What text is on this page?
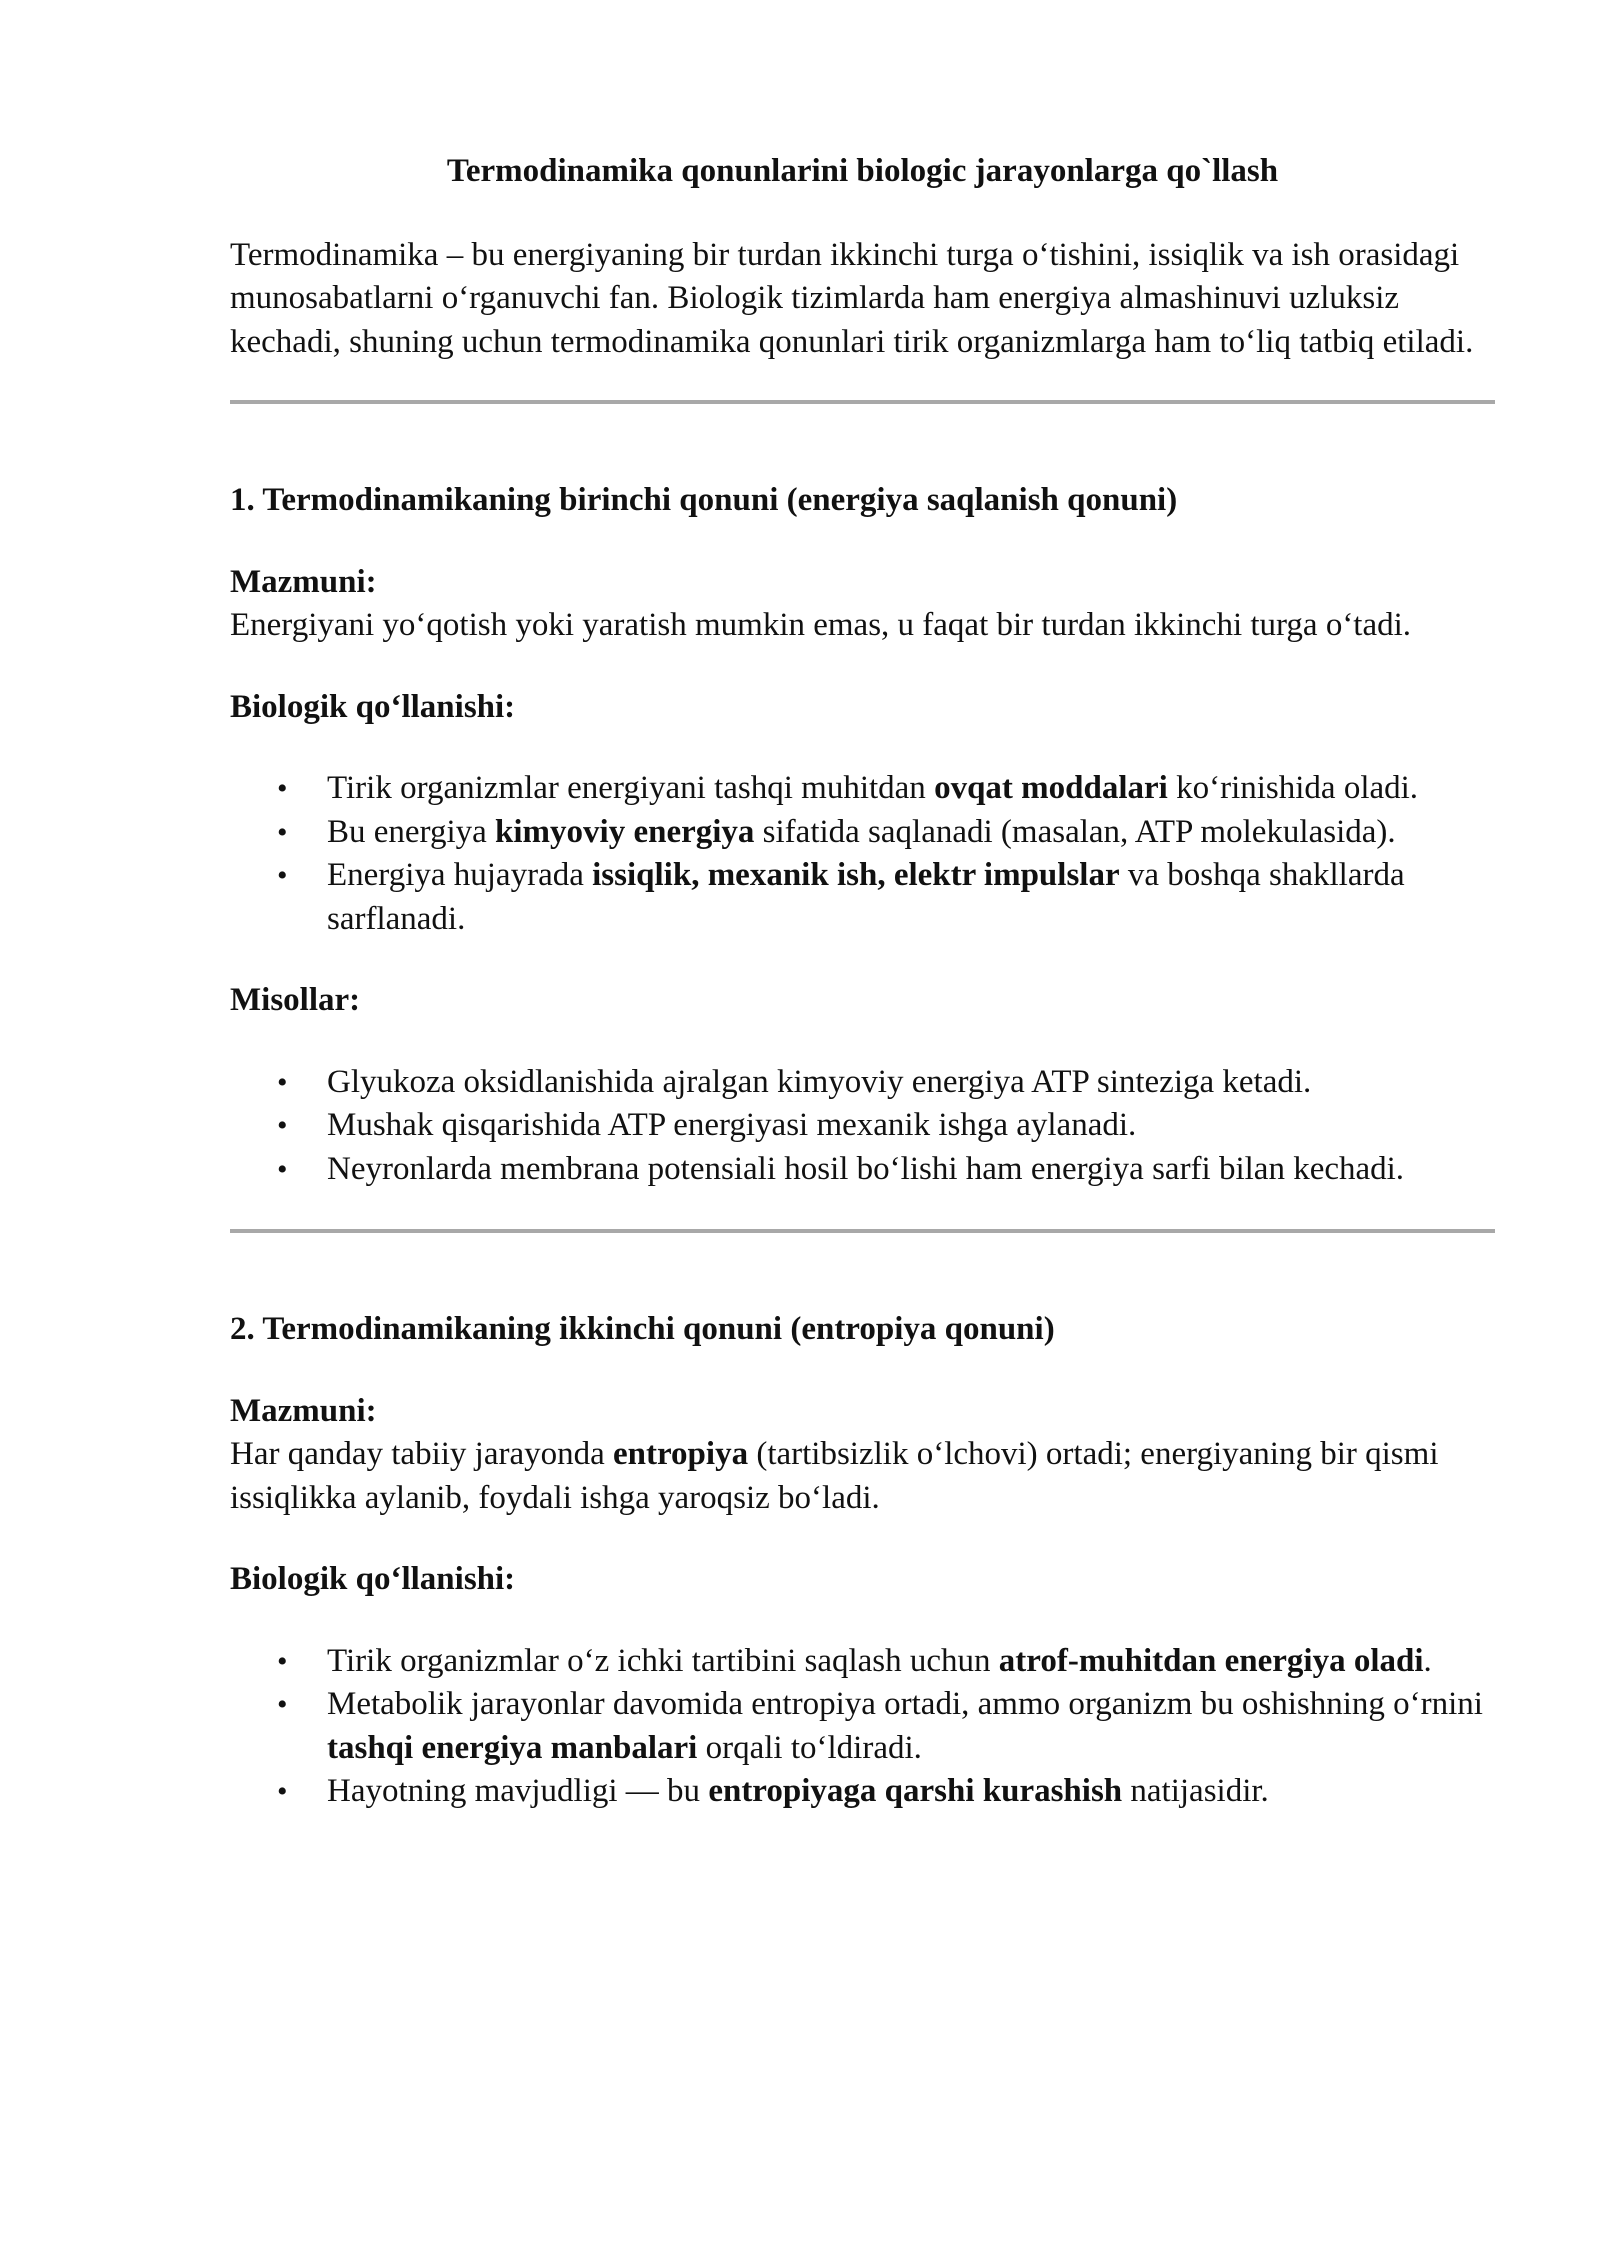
Termodinamika qonunlarini biologic jarayonlarga qo`llash

Termodinamika – bu energiyaning bir turdan ikkinchi turga o‘tishini, issiqlik va ish orasidagi munosabatlarni o‘rganuvchi fan. Biologik tizimlarda ham energiya almashinuvi uzluksiz kechadi, shuning uchun termodinamika qonunlari tirik organizmlarga ham to‘liq tatbiq etiladi.

1. Termodinamikaning birinchi qonuni (energiya saqlanish qonuni)

Mazmuni:

Energiyani yo‘qotish yoki yaratish mumkin emas, u faqat bir turdan ikkinchi turga o‘tadi.

Biologik qo‘llanishi:

• Tirik organizmlar energiyani tashqi muhitdan ovqat moddalari ko‘rinishida oladi.
• Bu energiya kimyoviy energiya sifatida saqlanadi (masalan, ATP molekulasida).
• Energiya hujayrada issiqlik, mexanik ish, elektr impulslar va boshqa shakllarda sarflanadi.

Misollar:

• Glyukoza oksidlanishida ajralgan kimyoviy energiya ATP sinteziga ketadi.
• Mushak qisqarishida ATP energiyasi mexanik ishga aylanadi.
• Neyronlarda membrana potensiali hosil bo‘lishi ham energiya sarfi bilan kechadi.

2. Termodinamikaning ikkinchi qonuni (entropiya qonuni)

Mazmuni:

Har qanday tabiiy jarayonda entropiya (tartibsizlik o‘lchovi) ortadi; energiyaning bir qismi issiqlikka aylanib, foydali ishga yaroqsiz bo‘ladi.

Biologik qo‘llanishi:

• Tirik organizmlar o‘z ichki tartibini saqlash uchun atrof-muhitdan energiya oladi.
• Metabolik jarayonlar davomida entropiya ortadi, ammo organizm bu oshishning o‘rnini tashqi energiya manbalari orqali to‘ldiradi.
• Hayotning mavjudligi — bu entropiyaga qarshi kurashish natijasidir.
